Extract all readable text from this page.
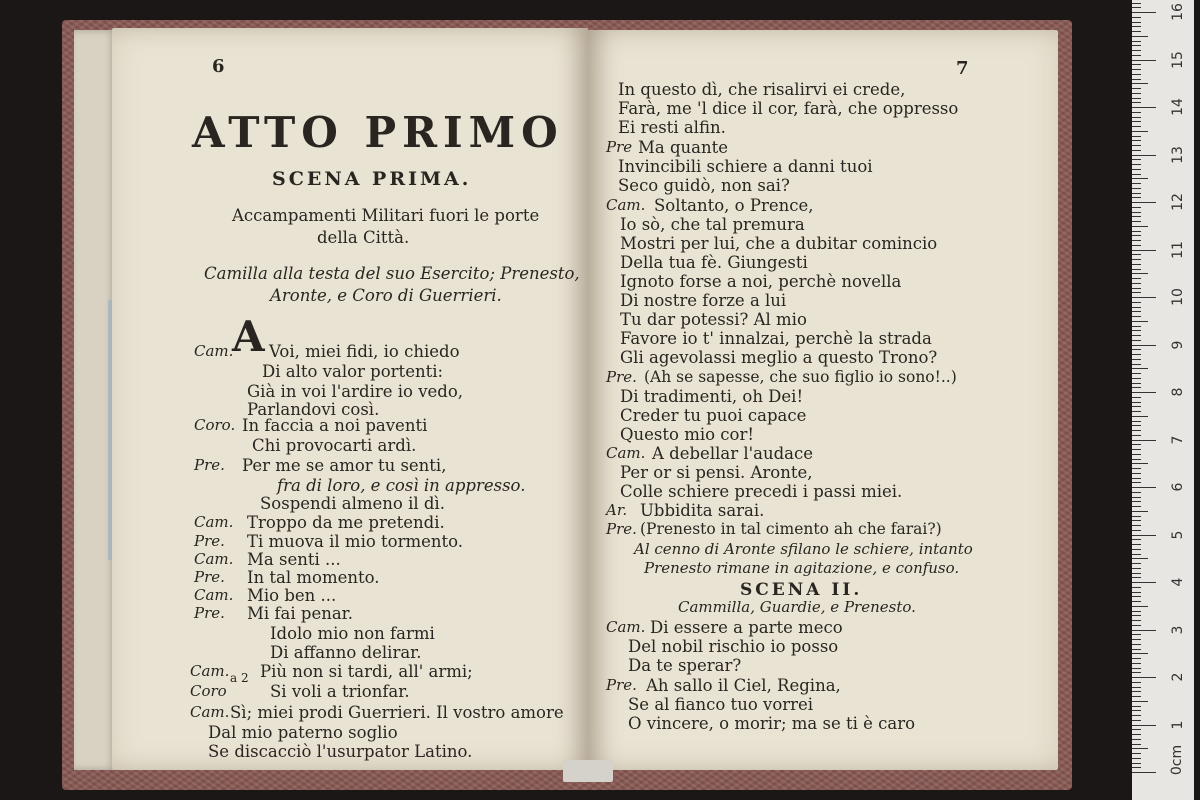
6
ATTO PRIMO
SCENA PRIMA.
Accampamenti Militari fuori le porte
della Città.
Camilla alla testa del suo Esercito; Prenesto,
Aronte, e Coro di Guerrieri.
A
Cam. Voi, miei fidi, io chiedo
Di alto valor portenti:
Già in voi l'ardire io vedo,
Parlandovi così.
Coro. In faccia a noi paventi
Chi provocarti ardì.
Pre. Per me se amor tu senti,
fra di loro, e così in appresso.
Sospendi almeno il dì.
Cam. Troppo da me pretendi.
Pre. Ti muova il mio tormento.
Cam. Ma senti ...
Pre. In tal momento.
Cam. Mio ben ...
Pre. Mi fai penar.
Idolo mio non farmi
Di affanno delirar.
Cam. a 2 Più non si tardi, all' armi;
Coro	Si voli a trionfar.
Cam. Sì; miei prodi Guerrieri. Il vostro amore
Dal mio paterno soglio
Se discacciò l'usurpator Latino.
7
In questo dì, che risalirvi ei crede,
Farà, me 'l dice il cor, farà, che oppresso
Ei resti alfin.
Pre Ma quante
Invincibili schiere a danni tuoi
Seco guidò, non sai?
Cam. Soltanto, o Prence,
Io sò, che tal premura
Mostri per lui, che a dubitar comincio
Della tua fè. Giungesti
Ignoto forse a noi, perchè novella
Di nostre forze a lui
Tu dar potessi? Al mio
Favore io t' innalzai, perchè la strada
Gli agevolassi meglio a questo Trono?
Pre. (Ah se sapesse, che suo figlio io sono!..)
Di tradimenti, oh Dei!
Creder tu puoi capace
Questo mio cor!
Cam. A debellar l'audace
Per or si pensi. Aronte,
Colle schiere precedi i passi miei.
Ar. Ubbidita sarai.
Pre. (Prenesto in tal cimento ah che farai?)
Al cenno di Aronte sfilano le schiere, intanto
Prenesto rimane in agitazione, e confuso.
SCENA II.
Cammilla, Guardie, e Prenesto.
Cam. Di essere a parte meco
Del nobil rischio io posso
Da te sperar?
Pre. Ah sallo il Ciel, Regina,
Se al fianco tuo vorrei
O vincere, o morir; ma se ti è caro
0cm
1
2
3
4
5
6
7
8
9
10
11
12
13
14
15
16
